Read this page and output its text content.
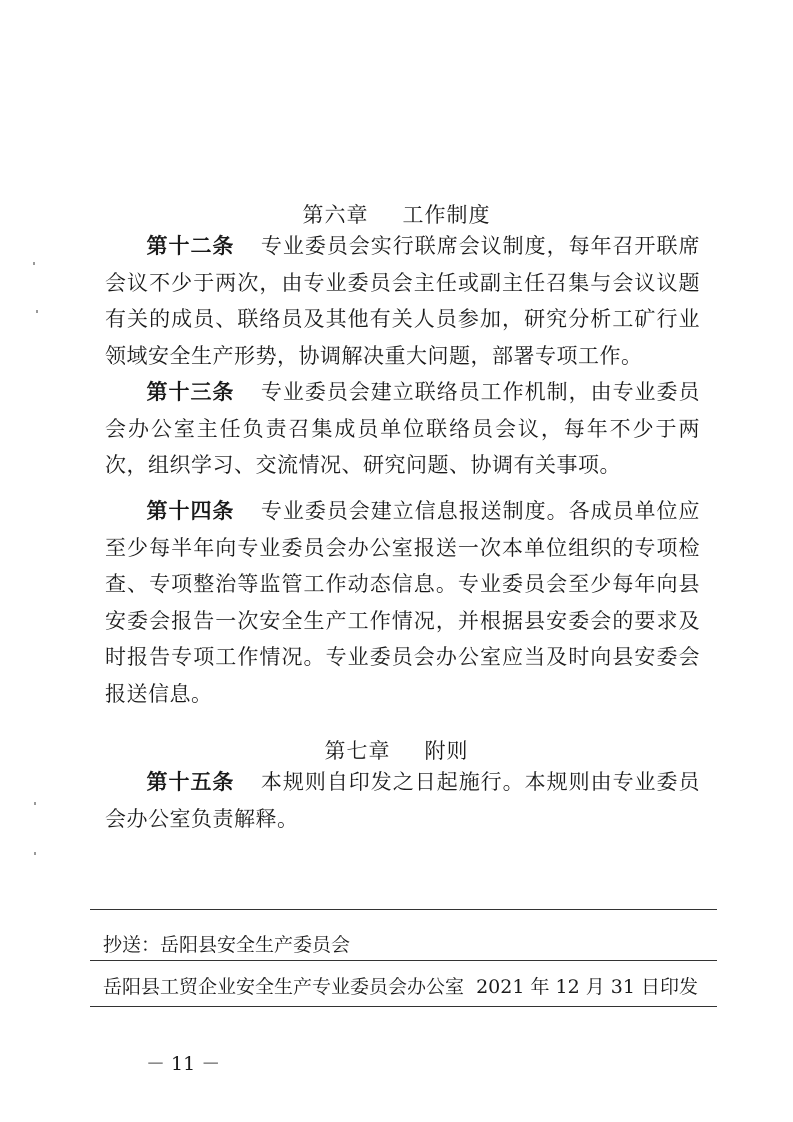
第六章 工作制度
第十二条 专业委员会实行联席会议制度，每年召开联席会议不少于两次，由专业委员会主任或副主任召集与会议议题有关的成员、联络员及其他有关人员参加，研究分析工矿行业领域安全生产形势，协调解决重大问题，部署专项工作。
第十三条 专业委员会建立联络员工作机制，由专业委员会办公室主任负责召集成员单位联络员会议，每年不少于两次，组织学习、交流情况、研究问题、协调有关事项。
第十四条 专业委员会建立信息报送制度。各成员单位应至少每半年向专业委员会办公室报送一次本单位组织的专项检查、专项整治等监管工作动态信息。专业委员会至少每年向县安委会报告一次安全生产工作情况，并根据县安委会的要求及时报告专项工作情况。专业委员会办公室应当及时向县安委会报送信息。
第七章 附则
第十五条 本规则自印发之日起施行。本规则由专业委员会办公室负责解释。
抄送：岳阳县安全生产委员会
岳阳县工贸企业安全生产专业委员会办公室 2021 年 12 月 31 日印发
－ 11 －
